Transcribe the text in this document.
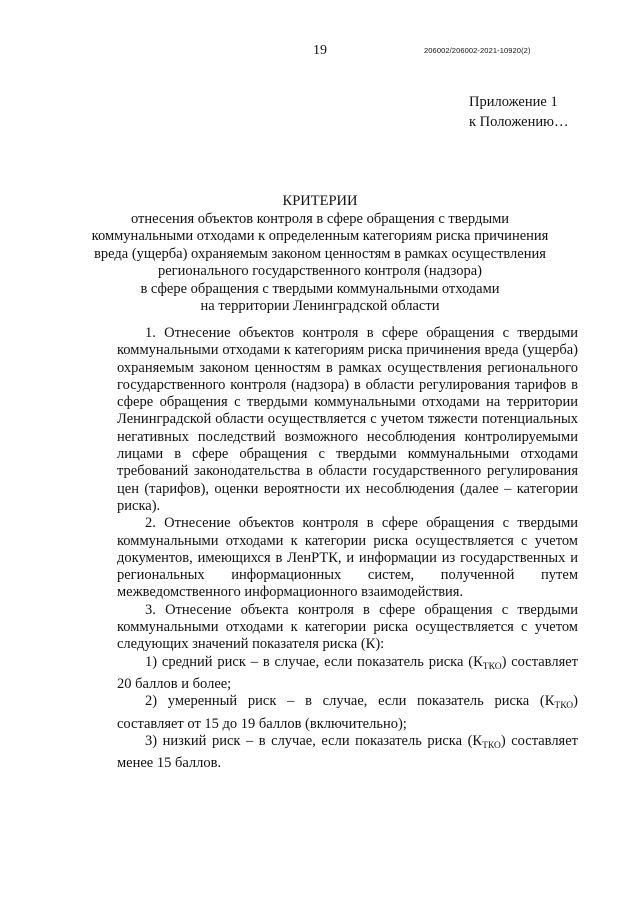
19	206002/206002-2021-10920(2)
Приложение 1
к Положению…
КРИТЕРИИ
отнесения объектов контроля в сфере обращения с твердыми
коммунальными отходами к определенным категориям риска причинения
вреда (ущерба) охраняемым законом ценностям в рамках осуществления
регионального государственного контроля (надзора)
в сфере обращения с твердыми коммунальными отходами
на территории Ленинградской области

1. Отнесение объектов контроля в сфере обращения с твердыми коммунальными отходами к категориям риска причинения вреда (ущерба) охраняемым законом ценностям в рамках осуществления регионального государственного контроля (надзора) в области регулирования тарифов в сфере обращения с твердыми коммунальными отходами на территории Ленинградской области осуществляется с учетом тяжести потенциальных негативных последствий возможного несоблюдения контролируемыми лицами в сфере обращения с твердыми коммунальными отходами требований законодательства в области государственного регулирования цен (тарифов), оценки вероятности их несоблюдения (далее – категории риска).

2. Отнесение объектов контроля в сфере обращения с твердыми коммунальными отходами к категории риска осуществляется с учетом документов, имеющихся в ЛенРТК, и информации из государственных и региональных информационных систем, полученной путем межведомственного информационного взаимодействия.

3. Отнесение объекта контроля в сфере обращения с твердыми коммунальными отходами к категории риска осуществляется с учетом следующих значений показателя риска (К):

1) средний риск – в случае, если показатель риска $(К_{ТКО})$ составляет 20 баллов и более;

2) умеренный риск – в случае, если показатель риска $(К_{ТКО})$ составляет от 15 до 19 баллов (включительно);

3) низкий риск – в случае, если показатель риска $(К_{ТКО})$ составляет менее 15 баллов.
